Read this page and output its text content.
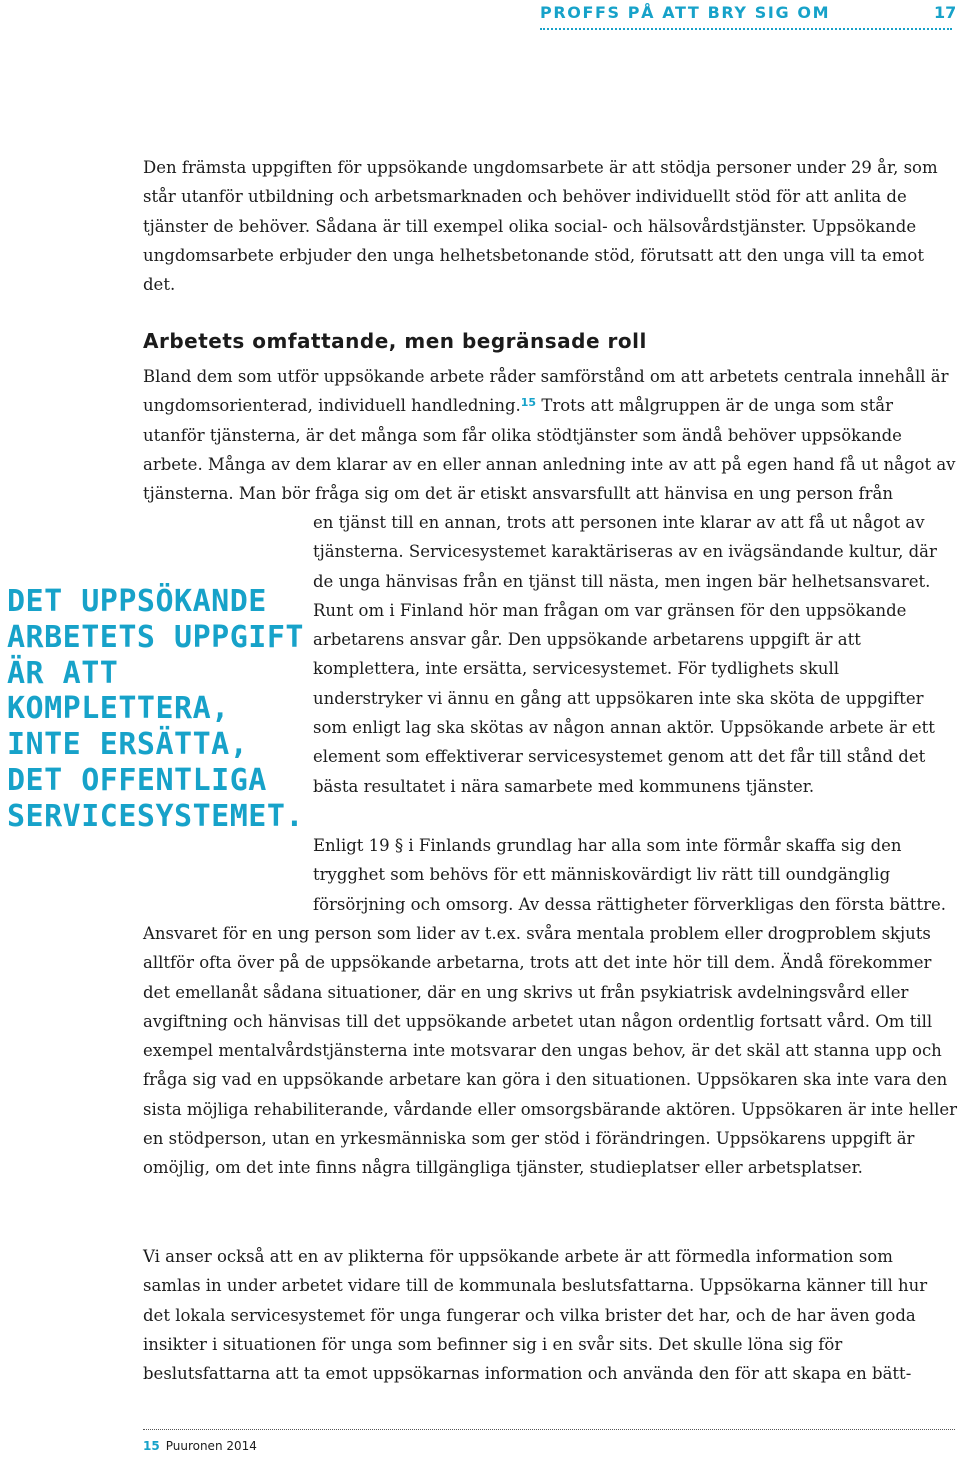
PROFFS PÅ ATT BRY SIG OM	17

Den främsta uppgiften för uppsökande ungdomsarbete är att stödja personer under 29 år, som står utanför utbildning och arbetsmarknaden och behöver individuellt stöd för att anlita de tjänster de behöver. Sådana är till exempel olika social- och hälsovårdstjänster. Uppsökande ungdomsarbete erbjuder den unga helhetsbetonande stöd, förutsatt att den unga vill ta emot det.

Arbetets omfattande, men begränsade roll

Bland dem som utför uppsökande arbete råder samförstånd om att arbetets centrala innehåll är ungdomsorienterad, individuell handledning.$^{15}$ Trots att målgruppen är de unga som står utanför tjänsterna, är det många som får olika stödtjänster som ändå behöver uppsökande arbete. Många av dem klarar av en eller annan anledning inte av att på egen hand få ut något av tjänsterna. Man bör fråga sig om det är etiskt ansvarsfullt att hänvisa en ung person från

en tjänst till en annan, trots att personen inte klarar av att få ut något av tjänsterna. Servicesystemet karaktäriseras av en ivägsändande kultur, där de unga hänvisas från en tjänst till nästa, men ingen bär helhetsansvaret. Runt om i Finland hör man frågan om var gränsen för den uppsökande arbetarens ansvar går. Den uppsökande arbetarens uppgift är att komplettera, inte ersätta, servicesystemet. För tydlighets skull understryker vi ännu en gång att uppsökaren inte ska sköta de uppgifter som enligt lag ska skötas av någon annan aktör. Uppsökande arbete är ett element som effektiverar servicesystemet genom att det får till stånd det bästa resultatet i nära samarbete med kommunens tjänster.

DET UPPSÖKANDE ARBETETS UPPGIFT ÄR ATT KOMPLETTERA, INTE ERSÄTTA, DET OFFENTLIGA SERVICESYSTEMET.

Enligt 19 § i Finlands grundlag har alla som inte förmår skaffa sig den trygghet som behövs för ett människovärdigt liv rätt till oundgänglig försörjning och omsorg. Av dessa rättigheter förverkligas den första bättre.

Ansvaret för en ung person som lider av t.ex. svåra mentala problem eller drogproblem skjuts alltför ofta över på de uppsökande arbetarna, trots att det inte hör till dem. Ändå förekommer det emellanåt sådana situationer, där en ung skrivs ut från psykiatrisk avdelningsvård eller avgiftning och hänvisas till det uppsökande arbetet utan någon ordentlig fortsatt vård. Om till exempel mentalvårdstjänsterna inte motsvarar den ungas behov, är det skäl att stanna upp och fråga sig vad en uppsökande arbetare kan göra i den situationen. Uppsökaren ska inte vara den sista möjliga rehabiliterande, vårdande eller omsorgsbärande aktören. Uppsökaren är inte heller en stödperson, utan en yrkesmänniska som ger stöd i förändringen. Uppsökarens uppgift är omöjlig, om det inte finns några tillgängliga tjänster, studieplatser eller arbetsplatser.

Vi anser också att en av plikterna för uppsökande arbete är att förmedla information som samlas in under arbetet vidare till de kommunala beslutsfattarna. Uppsökarna känner till hur det lokala servicesystemet för unga fungerar och vilka brister det har, och de har även goda insikter i situationen för unga som befinner sig i en svår sits. Det skulle löna sig för beslutsfattarna att ta emot uppsökarnas information och använda den för att skapa en bätt-

15 Puuronen 2014
